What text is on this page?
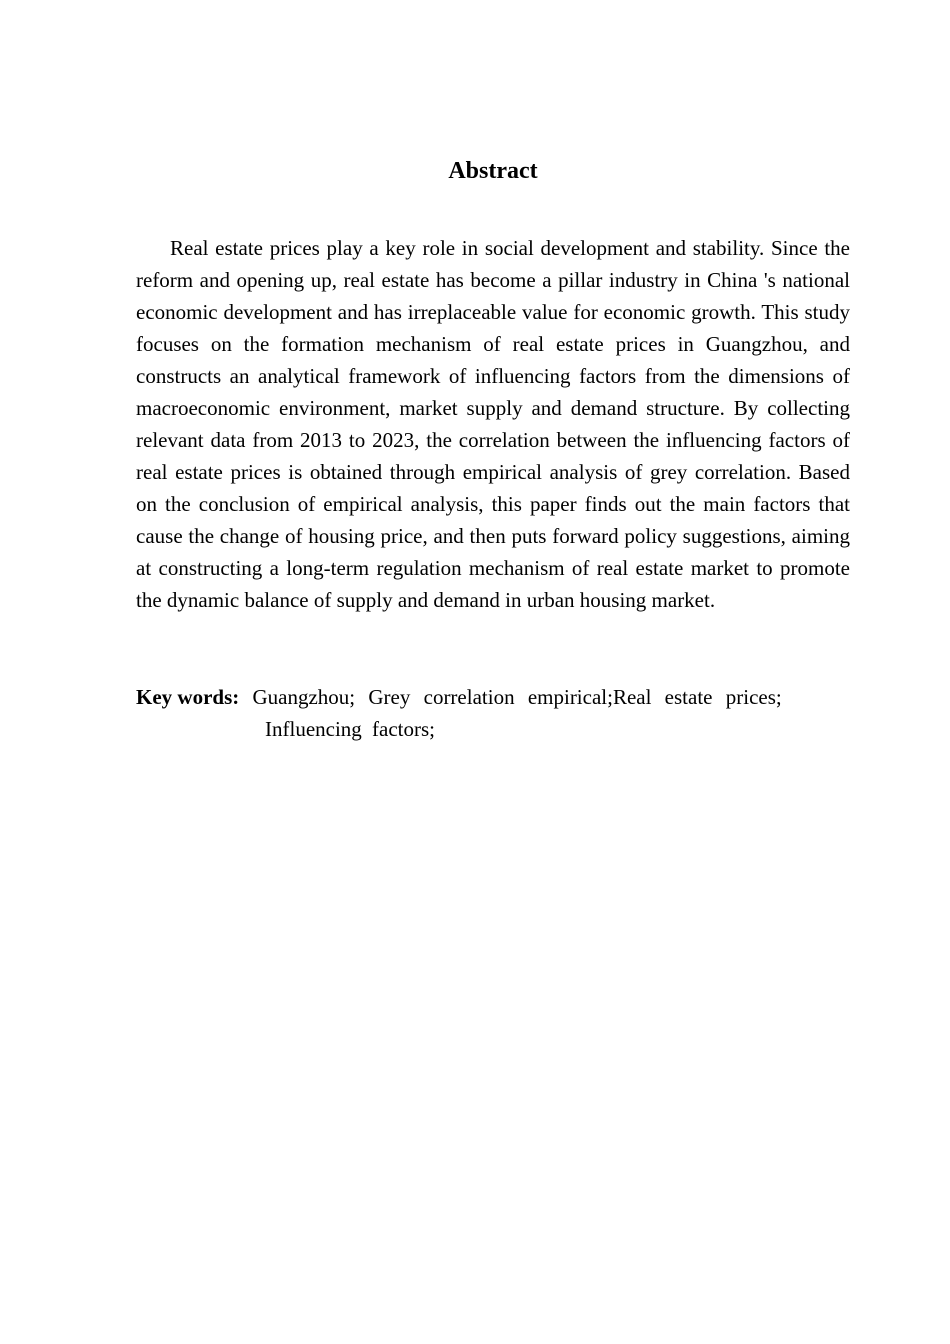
Abstract

Real estate prices play a key role in social development and stability. Since the reform and opening up, real estate has become a pillar industry in China 's national economic development and has irreplaceable value for economic growth. This study focuses on the formation mechanism of real estate prices in Guangzhou, and constructs an analytical framework of influencing factors from the dimensions of macroeconomic environment, market supply and demand structure. By collecting relevant data from 2013 to 2023, the correlation between the influencing factors of real estate prices is obtained through empirical analysis of grey correlation. Based on the conclusion of empirical analysis, this paper finds out the main factors that cause the change of housing price, and then puts forward policy suggestions, aiming at constructing a long-term regulation mechanism of real estate market to promote the dynamic balance of supply and demand in urban housing market.

Key words: Guangzhou; Grey correlation empirical;Real estate prices;
Influencing factors;
